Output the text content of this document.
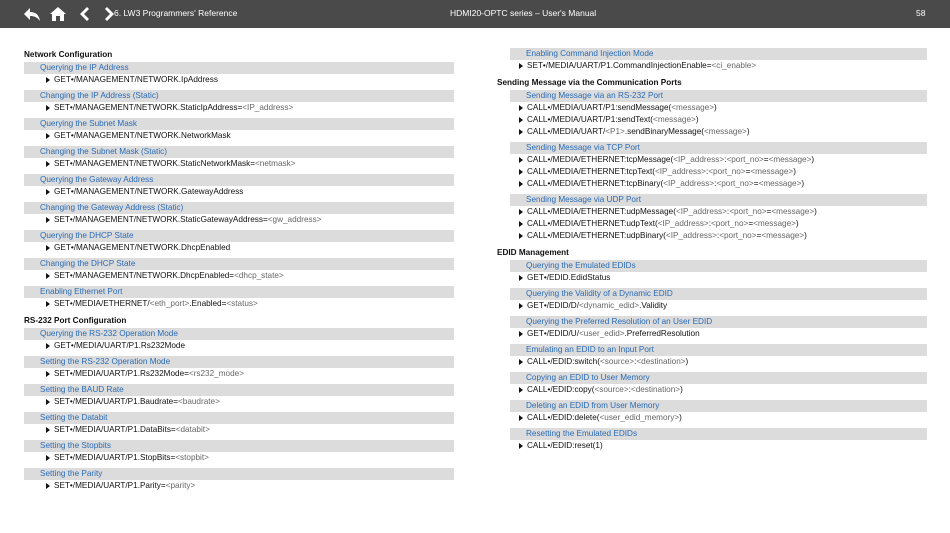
6. LW3 Programmers' Reference	HDMI20-OPTC series – User's Manual	58
Network Configuration
Querying the IP Address
GET•/MANAGEMENT/NETWORK.IpAddress
Changing the IP Address (Static)
SET•/MANAGEMENT/NETWORK.StaticIpAddress=<IP_address>
Querying the Subnet Mask
GET•/MANAGEMENT/NETWORK.NetworkMask
Changing the Subnet Mask (Static)
SET•/MANAGEMENT/NETWORK.StaticNetworkMask=<netmask>
Querying the Gateway Address
GET•/MANAGEMENT/NETWORK.GatewayAddress
Changing the Gateway Address (Static)
SET•/MANAGEMENT/NETWORK.StaticGatewayAddress=<gw_address>
Querying the DHCP State
GET•/MANAGEMENT/NETWORK.DhcpEnabled
Changing the DHCP State
SET•/MANAGEMENT/NETWORK.DhcpEnabled=<dhcp_state>
Enabling Ethernet Port
SET•/MEDIA/ETHERNET/<eth_port>.Enabled=<status>
RS-232 Port Configuration
Querying the RS-232 Operation Mode
GET•/MEDIA/UART/P1.Rs232Mode
Setting the RS-232 Operation Mode
SET•/MEDIA/UART/P1.Rs232Mode=<rs232_mode>
Setting the BAUD Rate
SET•/MEDIA/UART/P1.Baudrate=<baudrate>
Setting the Databit
SET•/MEDIA/UART/P1.DataBits=<databit>
Setting the Stopbits
SET•/MEDIA/UART/P1.StopBits=<stopbit>
Setting the Parity
SET•/MEDIA/UART/P1.Parity=<parity>
Enabling Command Injection Mode
SET•/MEDIA/UART/P1.CommandInjectionEnable=<ci_enable>
Sending Message via the Communication Ports
Sending Message via an RS-232 Port
CALL•/MEDIA/UART/P1:sendMessage(<message>)
CALL•/MEDIA/UART/P1:sendText(<message>)
CALL•/MEDIA/UART/<P1>.sendBinaryMessage(<message>)
Sending Message via TCP Port
CALL•/MEDIA/ETHERNET:tcpMessage(<IP_address>:<port_no>=<message>)
CALL•/MEDIA/ETHERNET:tcpText(<IP_address>:<port_no>=<message>)
CALL•/MEDIA/ETHERNET:tcpBinary(<IP_address>:<port_no>=<message>)
Sending Message via UDP Port
CALL•/MEDIA/ETHERNET:udpMessage(<IP_address>:<port_no>=<message>)
CALL•/MEDIA/ETHERNET:udpText(<IP_address>:<port_no>=<message>)
CALL•/MEDIA/ETHERNET:udpBinary(<IP_address>:<port_no>=<message>)
EDID Management
Querying the Emulated EDIDs
GET•/EDID.EdidStatus
Querying the Validity of a Dynamic EDID
GET•/EDID/D/<dynamic_edid>.Validity
Querying the Preferred Resolution of an User EDID
GET•/EDID/U/<user_edid>.PreferredResolution
Emulating an EDID to an Input Port
CALL•/EDID:switch(<source>:<destination>)
Copying an EDID to User Memory
CALL•/EDID:copy(<source>:<destination>)
Deleting an EDID from User Memory
CALL•/EDID:delete(<user_edid_memory>)
Resetting the Emulated EDIDs
CALL•/EDID:reset(1)
